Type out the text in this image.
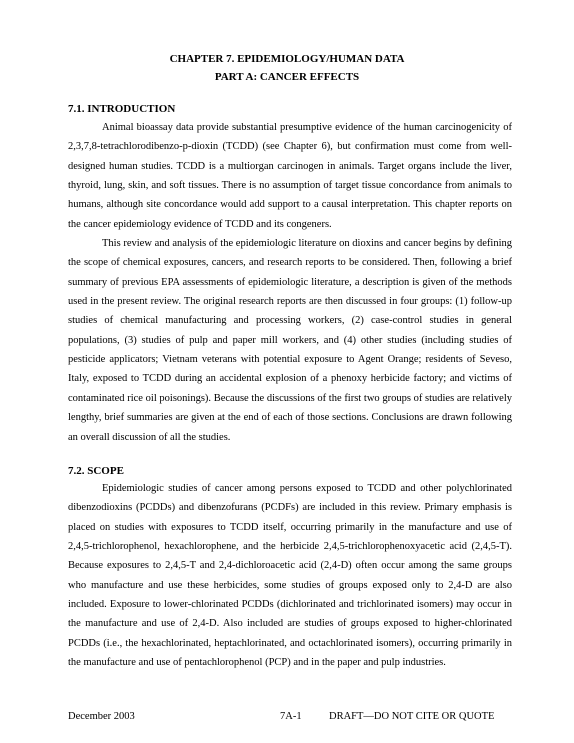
CHAPTER 7. EPIDEMIOLOGY/HUMAN DATA
PART A: CANCER EFFECTS
7.1. INTRODUCTION

Animal bioassay data provide substantial presumptive evidence of the human carcinogenicity of 2,3,7,8-tetrachlorodibenzo-p-dioxin (TCDD) (see Chapter 6), but confirmation must come from well-designed human studies. TCDD is a multiorgan carcinogen in animals. Target organs include the liver, thyroid, lung, skin, and soft tissues. There is no assumption of target tissue concordance from animals to humans, although site concordance would add support to a causal interpretation. This chapter reports on the cancer epidemiology evidence of TCDD and its congeners.

This review and analysis of the epidemiologic literature on dioxins and cancer begins by defining the scope of chemical exposures, cancers, and research reports to be considered. Then, following a brief summary of previous EPA assessments of epidemiologic literature, a description is given of the methods used in the present review. The original research reports are then discussed in four groups: (1) follow-up studies of chemical manufacturing and processing workers, (2) case-control studies in general populations, (3) studies of pulp and paper mill workers, and (4) other studies (including studies of pesticide applicators; Vietnam veterans with potential exposure to Agent Orange; residents of Seveso, Italy, exposed to TCDD during an accidental explosion of a phenoxy herbicide factory; and victims of contaminated rice oil poisonings). Because the discussions of the first two groups of studies are relatively lengthy, brief summaries are given at the end of each of those sections. Conclusions are drawn following an overall discussion of all the studies.

7.2. SCOPE

Epidemiologic studies of cancer among persons exposed to TCDD and other polychlorinated dibenzodioxins (PCDDs) and dibenzofurans (PCDFs) are included in this review. Primary emphasis is placed on studies with exposures to TCDD itself, occurring primarily in the manufacture and use of 2,4,5-trichlorophenol, hexachlorophene, and the herbicide 2,4,5-trichlorophenoxyacetic acid (2,4,5-T). Because exposures to 2,4,5-T and 2,4-dichloroacetic acid (2,4-D) often occur among the same groups who manufacture and use these herbicides, some studies of groups exposed only to 2,4-D are also included. Exposure to lower-chlorinated PCDDs (dichlorinated and trichlorinated isomers) may occur in the manufacture and use of 2,4-D. Also included are studies of groups exposed to higher-chlorinated PCDDs (i.e., the hexachlorinated, heptachlorinated, and octachlorinated isomers), occurring primarily in the manufacture and use of pentachlorophenol (PCP) and in the paper and pulp industries.

December 2003	7A-1	DRAFT—DO NOT CITE OR QUOTE
